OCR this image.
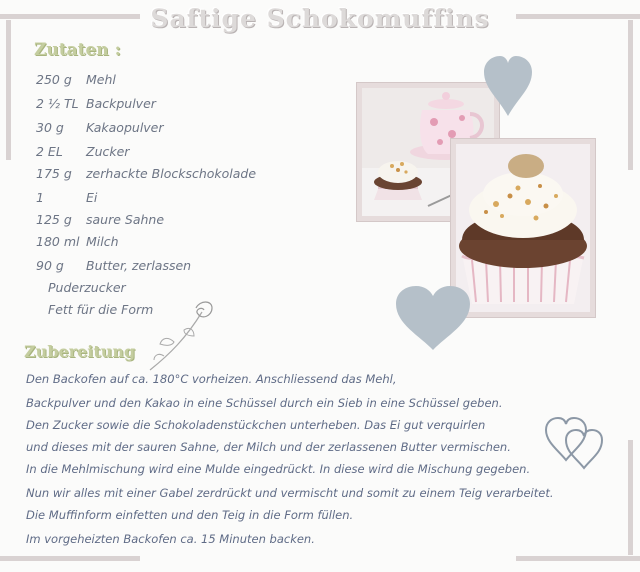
Saftige Schokomuffins
Zutaten :
250 g Mehl
2 ½ TL Backpulver
30 g Kakaopulver
2 EL Zucker
175 g zerhackte Blockschokolade
1	Ei
125 g saure Sahne
180 ml Milch
90 g Butter, zerlassen
Puderzucker
Fett für die Form
Zubereitung
Den Backofen auf ca. 180°C vorheizen. Anschliessend das Mehl,
Backpulver und den Kakao in eine Schüssel durch ein Sieb in eine Schüssel geben.
Den Zucker sowie die Schokoladenstückchen unterheben. Das Ei gut verquirlen
und dieses mit der sauren Sahne, der Milch und der zerlassenen Butter vermischen.
In die Mehlmischung wird eine Mulde eingedrückt. In diese wird die Mischung gegeben.
Nun wir alles mit einer Gabel zerdrückt und vermischt und somit zu einem Teig verarbeitet.
Die Muffinform einfetten und den Teig in die Form füllen.
Im vorgeheizten Backofen ca. 15 Minuten backen.
